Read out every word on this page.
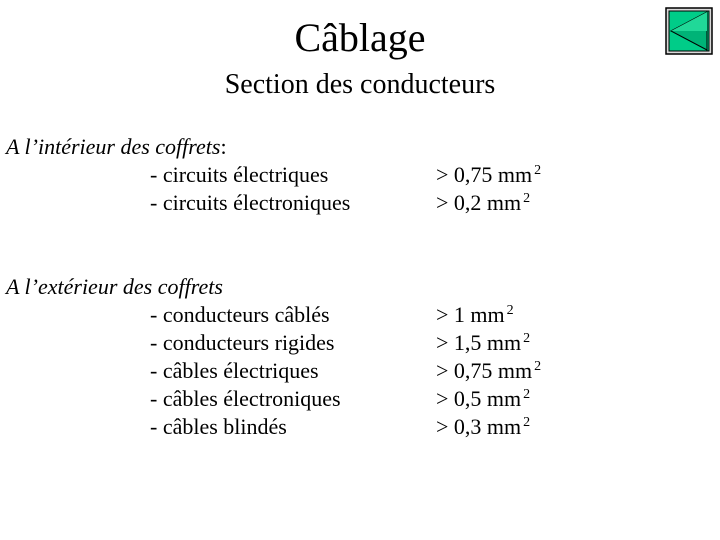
Câblage
Section des conducteurs
A l’intérieur des coffrets:
- circuits électriques	> 0,75 mm $^2$
- circuits électroniques	> 0,2 mm $^2$
A l’extérieur des coffrets
- conducteurs câblés	> 1 mm $^2$
- conducteurs rigides	> 1,5 mm $^2$
- câbles électriques	> 0,75 mm $^2$
- câbles électroniques	> 0,5 mm $^2$
- câbles blindés	> 0,3 mm $^2$
